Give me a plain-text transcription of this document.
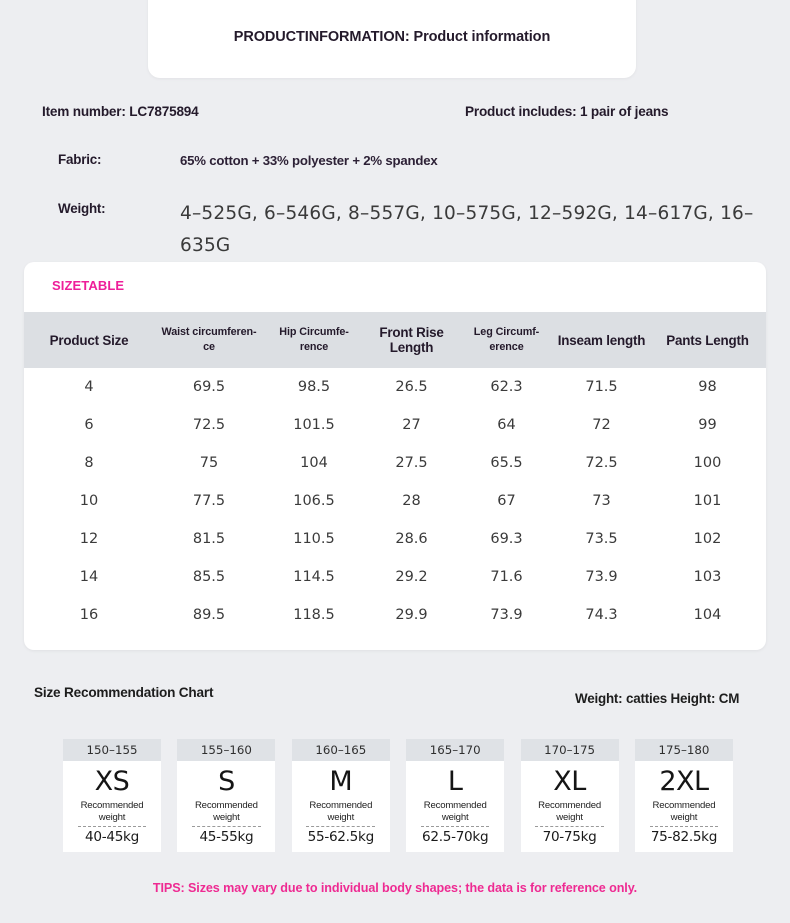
PRODUCTINFORMATION: Product information
Item number: LC7875894	Product includes: 1 pair of jeans
Fabric:	65% cotton + 33% polyester + 2% spandex
Weight:	4–525G, 6–546G, 8–557G, 10–575G, 12–592G, 14–617G, 16–635G
SIZETABLE
Product Size	Waist circumferen-ce	Hip Circumfe-rence	Front Rise Length	Leg Circumf-erence	Inseam length	Pants Length
4	69.5	98.5	26.5	62.3	71.5	98
6	72.5	101.5	27	64	72	99
8	75	104	27.5	65.5	72.5	100
10	77.5	106.5	28	67	73	101
12	81.5	110.5	28.6	69.3	73.5	102
14	85.5	114.5	29.2	71.6	73.9	103
16	89.5	118.5	29.9	73.9	74.3	104
Size Recommendation Chart	Weight: catties Height: CM
150–155
XS
Recommended weight
40-45kg
155–160
S
Recommended weight
45-55kg
160–165
M
Recommended weight
55-62.5kg
165–170
L
Recommended weight
62.5-70kg
170–175
XL
Recommended weight
70-75kg
175–180
2XL
Recommended weight
75-82.5kg
TIPS: Sizes may vary due to individual body shapes; the data is for reference only.
